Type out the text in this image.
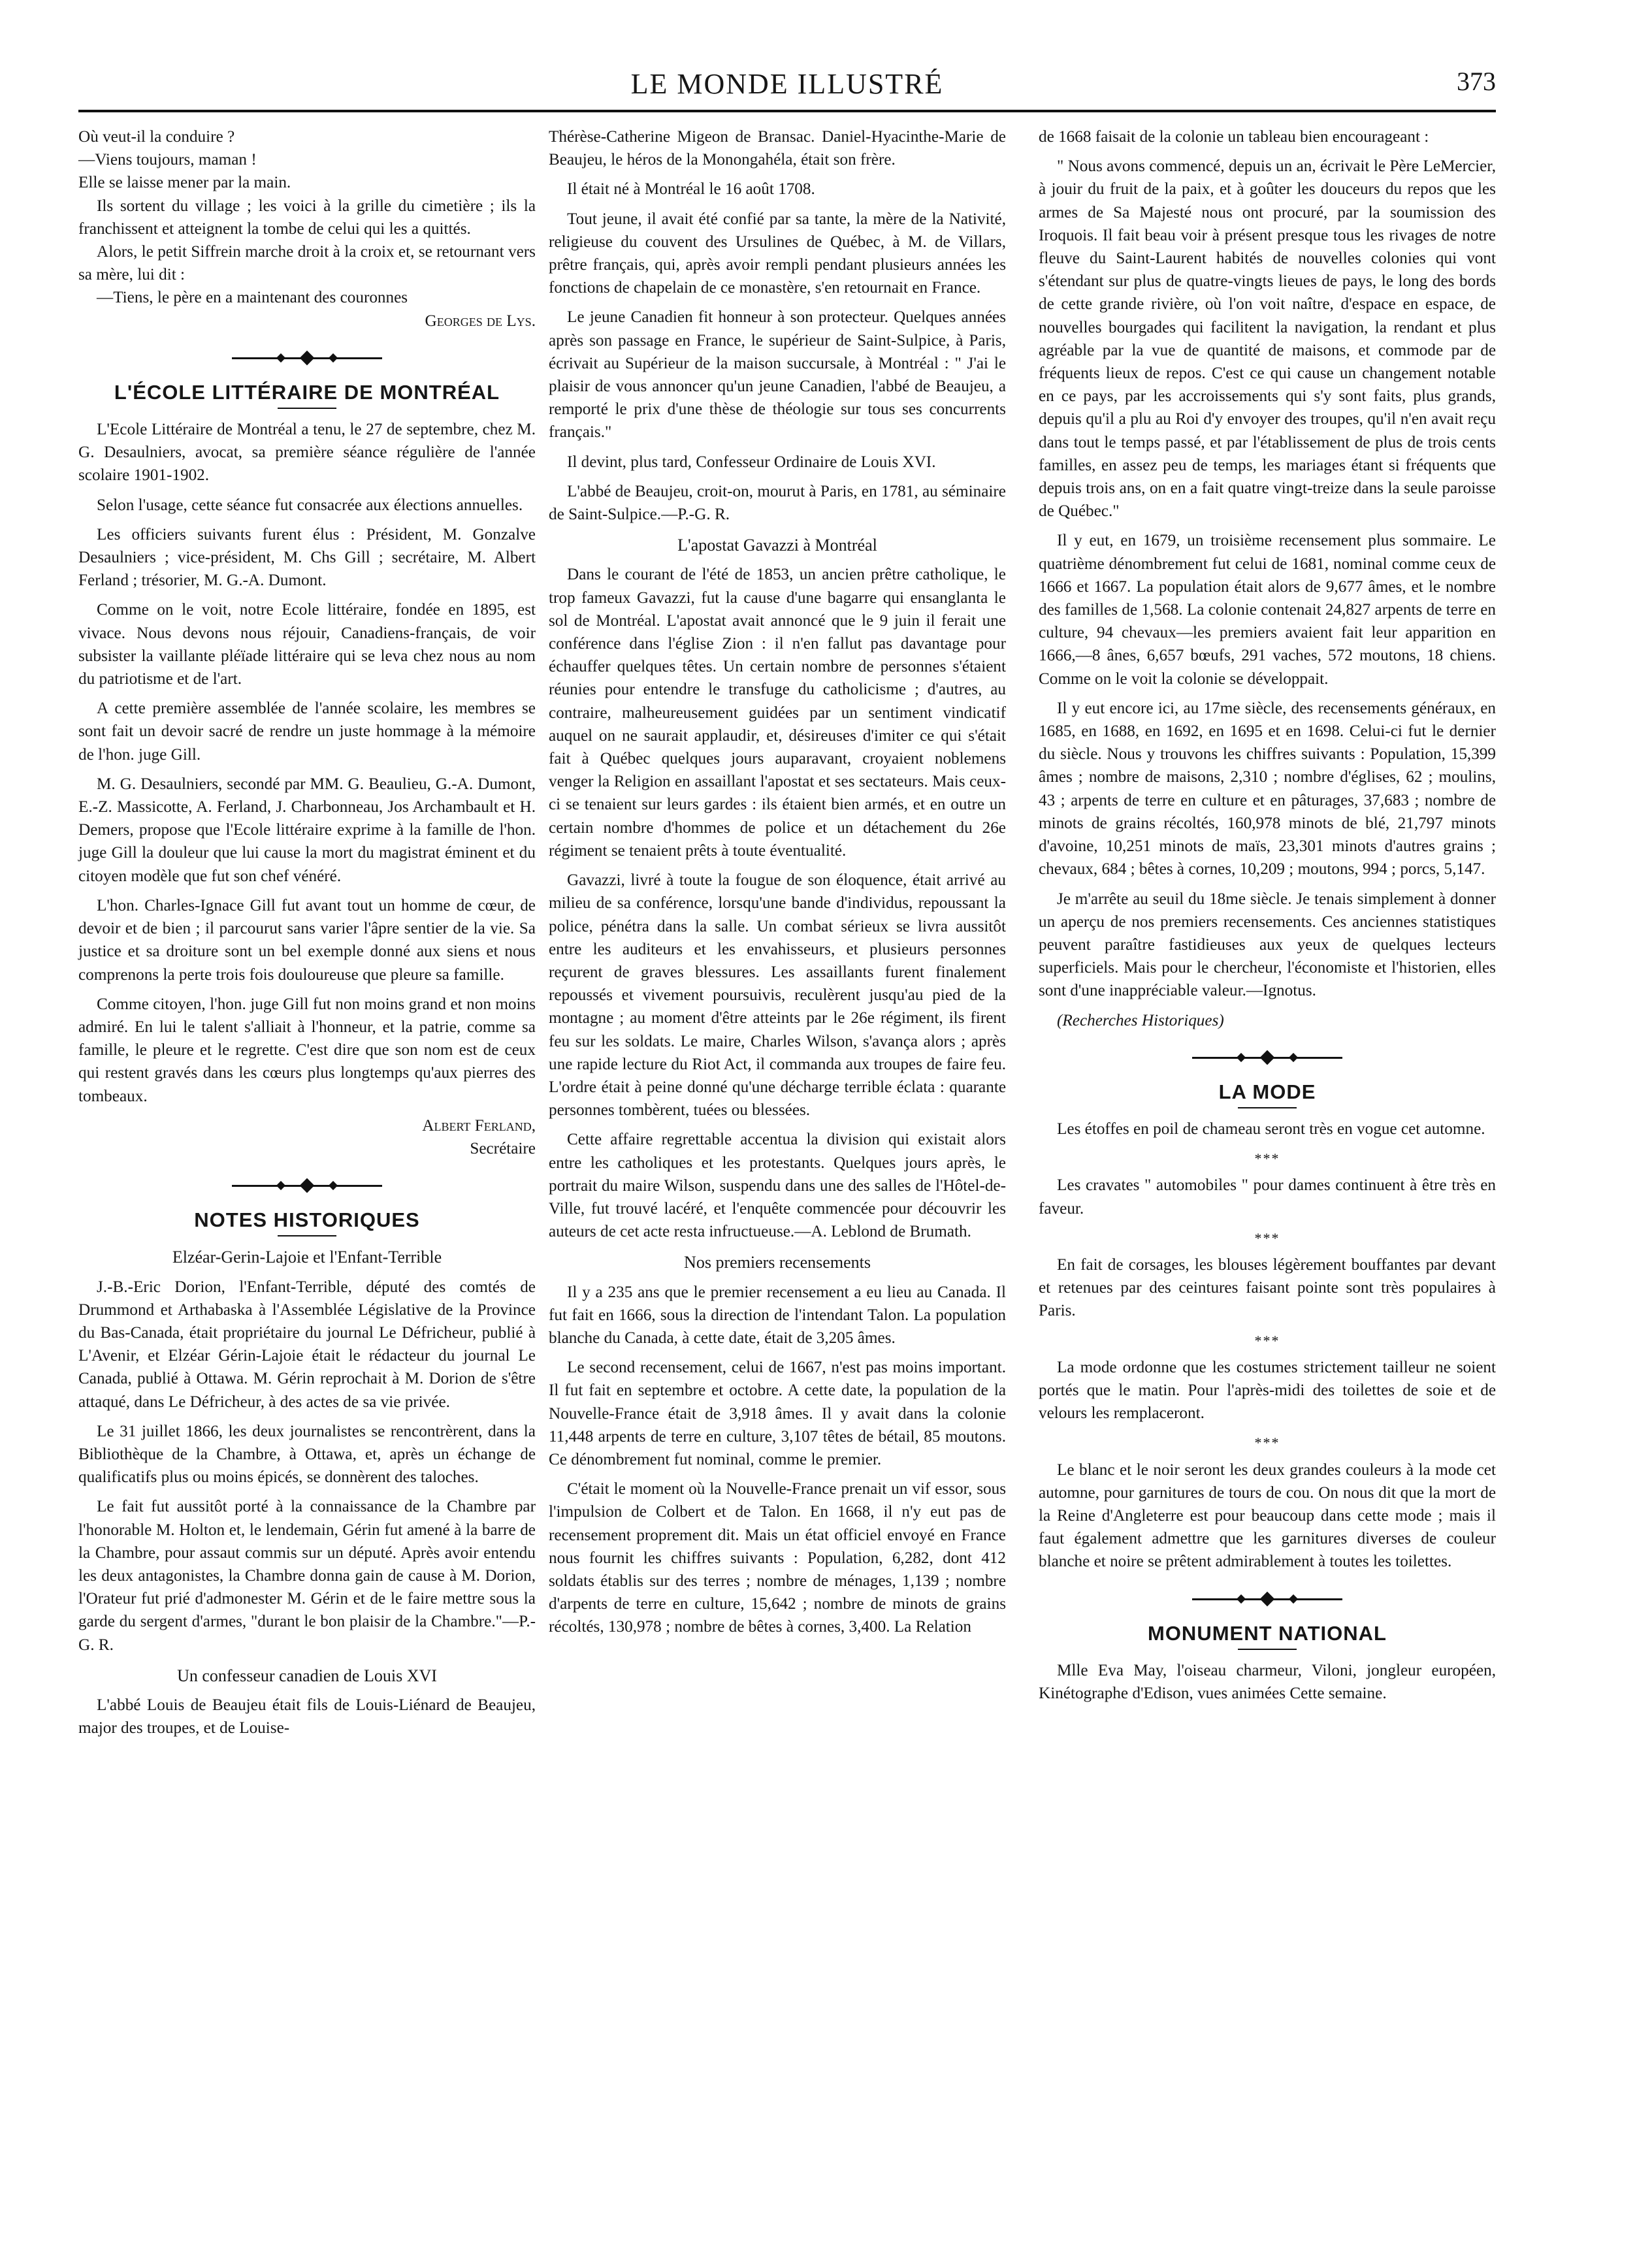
LE MONDE ILLUSTRÉ	373

Où veut-il la conduire ?

—Viens toujours, maman !

Elle se laisse mener par la main.

Ils sortent du village ; les voici à la grille du cimetière ; ils la franchissent et atteignent la tombe de celui qui les a quittés.

Alors, le petit Siffrein marche droit à la croix et, se retournant vers sa mère, lui dit :

—Tiens, le père en a maintenant des couronnes

Georges de Lys.
L'ÉCOLE LITTÉRAIRE DE MONTRÉAL

L'Ecole Littéraire de Montréal a tenu, le 27 de septembre, chez M. G. Desaulniers, avocat, sa première séance régulière de l'année scolaire 1901-1902.

Selon l'usage, cette séance fut consacrée aux élections annuelles.

Les officiers suivants furent élus : Président, M. Gonzalve Desaulniers ; vice-président, M. Chs Gill ; secrétaire, M. Albert Ferland ; trésorier, M. G.-A. Dumont.

Comme on le voit, notre Ecole littéraire, fondée en 1895, est vivace. Nous devons nous réjouir, Canadiens-français, de voir subsister la vaillante pléïade littéraire qui se leva chez nous au nom du patriotisme et de l'art.

A cette première assemblée de l'année scolaire, les membres se sont fait un devoir sacré de rendre un juste hommage à la mémoire de l'hon. juge Gill.

M. G. Desaulniers, secondé par MM. G. Beaulieu, G.-A. Dumont, E.-Z. Massicotte, A. Ferland, J. Charbonneau, Jos Archambault et H. Demers, propose que l'Ecole littéraire exprime à la famille de l'hon. juge Gill la douleur que lui cause la mort du magistrat éminent et du citoyen modèle que fut son chef vénéré.

L'hon. Charles-Ignace Gill fut avant tout un homme de cœur, de devoir et de bien ; il parcourut sans varier l'âpre sentier de la vie. Sa justice et sa droiture sont un bel exemple donné aux siens et nous comprenons la perte trois fois douloureuse que pleure sa famille.

Comme citoyen, l'hon. juge Gill fut non moins grand et non moins admiré. En lui le talent s'alliait à l'honneur, et la patrie, comme sa famille, le pleure et le regrette. C'est dire que son nom est de ceux qui restent gravés dans les cœurs plus longtemps qu'aux pierres des tombeaux.

Albert Ferland,
Secrétaire
NOTES HISTORIQUES
Elzéar-Gerin-Lajoie et l'Enfant-Terrible

J.-B.-Eric Dorion, l'Enfant-Terrible, député des comtés de Drummond et Arthabaska à l'Assemblée Législative de la Province du Bas-Canada, était propriétaire du journal Le Défricheur, publié à L'Avenir, et Elzéar Gérin-Lajoie était le rédacteur du journal Le Canada, publié à Ottawa. M. Gérin reprochait à M. Dorion de s'être attaqué, dans Le Défricheur, à des actes de sa vie privée.

Le 31 juillet 1866, les deux journalistes se rencontrèrent, dans la Bibliothèque de la Chambre, à Ottawa, et, après un échange de qualificatifs plus ou moins épicés, se donnèrent des taloches.

Le fait fut aussitôt porté à la connaissance de la Chambre par l'honorable M. Holton et, le lendemain, Gérin fut amené à la barre de la Chambre, pour assaut commis sur un député. Après avoir entendu les deux antagonistes, la Chambre donna gain de cause à M. Dorion, l'Orateur fut prié d'admonester M. Gérin et de le faire mettre sous la garde du sergent d'armes, "durant le bon plaisir de la Chambre."—P.-G. R.

Un confesseur canadien de Louis XVI

L'abbé Louis de Beaujeu était fils de Louis-Liénard de Beaujeu, major des troupes, et de Louise-

Thérèse-Catherine Migeon de Bransac. Daniel-Hyacinthe-Marie de Beaujeu, le héros de la Monongahéla, était son frère.

Il était né à Montréal le 16 août 1708.

Tout jeune, il avait été confié par sa tante, la mère de la Nativité, religieuse du couvent des Ursulines de Québec, à M. de Villars, prêtre français, qui, après avoir rempli pendant plusieurs années les fonctions de chapelain de ce monastère, s'en retournait en France.

Le jeune Canadien fit honneur à son protecteur. Quelques années après son passage en France, le supérieur de Saint-Sulpice, à Paris, écrivait au Supérieur de la maison succursale, à Montréal : " J'ai le plaisir de vous annoncer qu'un jeune Canadien, l'abbé de Beaujeu, a remporté le prix d'une thèse de théologie sur tous ses concurrents français."

Il devint, plus tard, Confesseur Ordinaire de Louis XVI.

L'abbé de Beaujeu, croit-on, mourut à Paris, en 1781, au séminaire de Saint-Sulpice.—P.-G. R.

L'apostat Gavazzi à Montréal

Dans le courant de l'été de 1853, un ancien prêtre catholique, le trop fameux Gavazzi, fut la cause d'une bagarre qui ensanglanta le sol de Montréal. L'apostat avait annoncé que le 9 juin il ferait une conférence dans l'église Zion : il n'en fallut pas davantage pour échauffer quelques têtes. Un certain nombre de personnes s'étaient réunies pour entendre le transfuge du catholicisme ; d'autres, au contraire, malheureusement guidées par un sentiment vindicatif auquel on ne saurait applaudir, et, désireuses d'imiter ce qui s'était fait à Québec quelques jours auparavant, croyaient noblemens venger la Religion en assaillant l'apostat et ses sectateurs. Mais ceux-ci se tenaient sur leurs gardes : ils étaient bien armés, et en outre un certain nombre d'hommes de police et un détachement du 26e régiment se tenaient prêts à toute éventualité.

Gavazzi, livré à toute la fougue de son éloquence, était arrivé au milieu de sa conférence, lorsqu'une bande d'individus, repoussant la police, pénétra dans la salle. Un combat sérieux se livra aussitôt entre les auditeurs et les envahisseurs, et plusieurs personnes reçurent de graves blessures. Les assaillants furent finalement repoussés et vivement poursuivis, reculèrent jusqu'au pied de la montagne ; au moment d'être atteints par le 26e régiment, ils firent feu sur les soldats. Le maire, Charles Wilson, s'avança alors ; après une rapide lecture du Riot Act, il commanda aux troupes de faire feu. L'ordre était à peine donné qu'une décharge terrible éclata : quarante personnes tombèrent, tuées ou blessées.

Cette affaire regrettable accentua la division qui existait alors entre les catholiques et les protestants. Quelques jours après, le portrait du maire Wilson, suspendu dans une des salles de l'Hôtel-de-Ville, fut trouvé lacéré, et l'enquête commencée pour découvrir les auteurs de cet acte resta infructueuse.—A. Leblond de Brumath.

Nos premiers recensements

Il y a 235 ans que le premier recensement a eu lieu au Canada. Il fut fait en 1666, sous la direction de l'intendant Talon. La population blanche du Canada, à cette date, était de 3,205 âmes.

Le second recensement, celui de 1667, n'est pas moins important. Il fut fait en septembre et octobre. A cette date, la population de la Nouvelle-France était de 3,918 âmes. Il y avait dans la colonie 11,448 arpents de terre en culture, 3,107 têtes de bétail, 85 moutons. Ce dénombrement fut nominal, comme le premier.

C'était le moment où la Nouvelle-France prenait un vif essor, sous l'impulsion de Colbert et de Talon. En 1668, il n'y eut pas de recensement proprement dit. Mais un état officiel envoyé en France nous fournit les chiffres suivants : Population, 6,282, dont 412 soldats établis sur des terres ; nombre de ménages, 1,139 ; nombre d'arpents de terre en culture, 15,642 ; nombre de minots de grains récoltés, 130,978 ; nombre de bêtes à cornes, 3,400. La Relation

de 1668 faisait de la colonie un tableau bien encourageant :

" Nous avons commencé, depuis un an, écrivait le Père LeMercier, à jouir du fruit de la paix, et à goûter les douceurs du repos que les armes de Sa Majesté nous ont procuré, par la soumission des Iroquois. Il fait beau voir à présent presque tous les rivages de notre fleuve du Saint-Laurent habités de nouvelles colonies qui vont s'étendant sur plus de quatre-vingts lieues de pays, le long des bords de cette grande rivière, où l'on voit naître, d'espace en espace, de nouvelles bourgades qui facilitent la navigation, la rendant et plus agréable par la vue de quantité de maisons, et commode par de fréquents lieux de repos. C'est ce qui cause un changement notable en ce pays, par les accroissements qui s'y sont faits, plus grands, depuis qu'il a plu au Roi d'y envoyer des troupes, qu'il n'en avait reçu dans tout le temps passé, et par l'établissement de plus de trois cents familles, en assez peu de temps, les mariages étant si fréquents que depuis trois ans, on en a fait quatre vingt-treize dans la seule paroisse de Québec."

Il y eut, en 1679, un troisième recensement plus sommaire. Le quatrième dénombrement fut celui de 1681, nominal comme ceux de 1666 et 1667. La population était alors de 9,677 âmes, et le nombre des familles de 1,568. La colonie contenait 24,827 arpents de terre en culture, 94 chevaux—les premiers avaient fait leur apparition en 1666,—8 ânes, 6,657 bœufs, 291 vaches, 572 moutons, 18 chiens. Comme on le voit la colonie se développait.

Il y eut encore ici, au 17me siècle, des recensements généraux, en 1685, en 1688, en 1692, en 1695 et en 1698. Celui-ci fut le dernier du siècle. Nous y trouvons les chiffres suivants : Population, 15,399 âmes ; nombre de maisons, 2,310 ; nombre d'églises, 62 ; moulins, 43 ; arpents de terre en culture et en pâturages, 37,683 ; nombre de minots de grains récoltés, 160,978 minots de blé, 21,797 minots d'avoine, 10,251 minots de maïs, 23,301 minots d'autres grains ; chevaux, 684 ; bêtes à cornes, 10,209 ; moutons, 994 ; porcs, 5,147.

Je m'arrête au seuil du 18me siècle. Je tenais simplement à donner un aperçu de nos premiers recensements. Ces anciennes statistiques peuvent paraître fastidieuses aux yeux de quelques lecteurs superficiels. Mais pour le chercheur, l'économiste et l'historien, elles sont d'une inappréciable valeur.—Ignotus.

(Recherches Historiques)

LA MODE

Les étoffes en poil de chameau seront très en vogue cet automne.

***

Les cravates " automobiles " pour dames continuent à être très en faveur.

***

En fait de corsages, les blouses légèrement bouffantes par devant et retenues par des ceintures faisant pointe sont très populaires à Paris.

***

La mode ordonne que les costumes strictement tailleur ne soient portés que le matin. Pour l'après-midi des toilettes de soie et de velours les remplaceront.

***

Le blanc et le noir seront les deux grandes couleurs à la mode cet automne, pour garnitures de tours de cou. On nous dit que la mort de la Reine d'Angleterre est pour beaucoup dans cette mode ; mais il faut également admettre que les garnitures diverses de couleur blanche et noire se prêtent admirablement à toutes les toilettes.

MONUMENT NATIONAL

Mlle Eva May, l'oiseau charmeur, Viloni, jongleur européen, Kinétographe d'Edison, vues animées Cette semaine.
